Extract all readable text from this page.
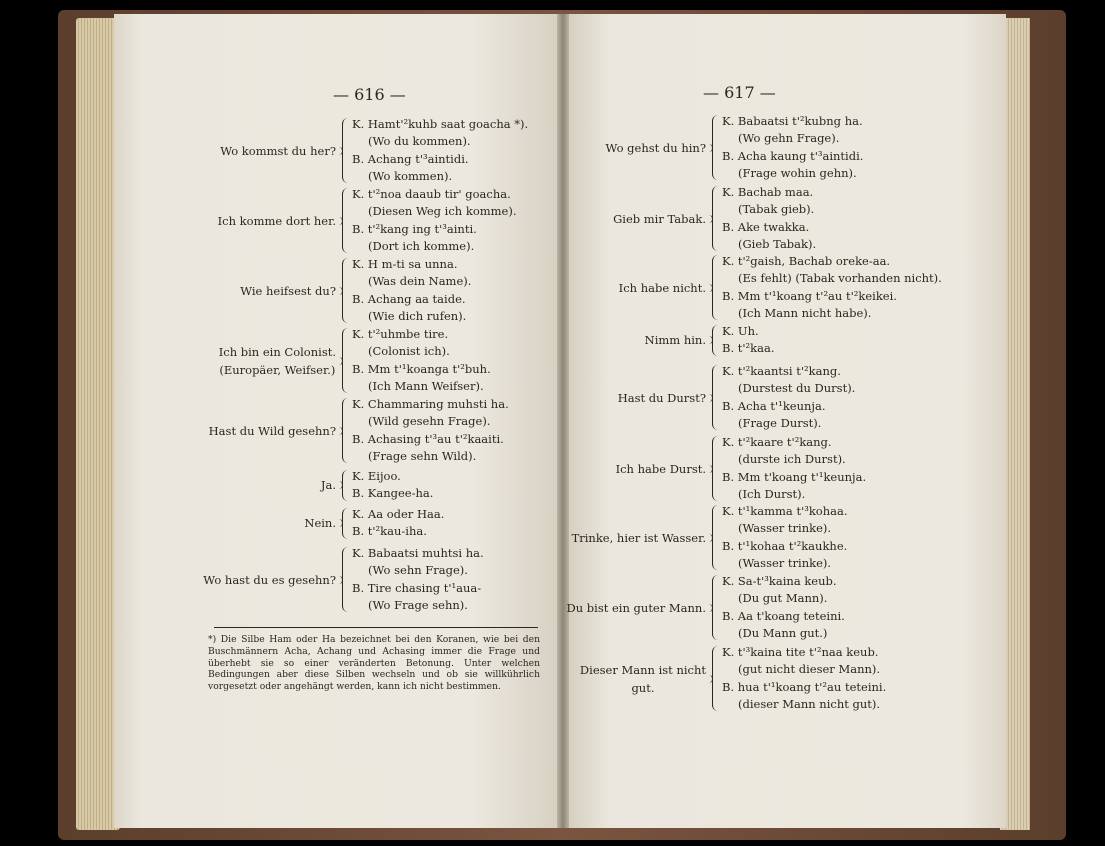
— 616 —	— 617 —
Wo kommst du her?
K. Hamt'²kuhb saat goacha *).
(Wo du kommen).
B. Achang t'³aintidi.
(Wo kommen).
Ich komme dort her.
K. t'²noa daaub tir' goacha.
(Diesen Weg ich komme).
B. t'²kang ing t'³ainti.
(Dort ich komme).
Wie heifsest du?
K. H m-ti sa unna.
(Was dein Name).
B. Achang aa taide.
(Wie dich rufen).
Ich bin ein Colonist.
(Europäer, Weifser.)
K. t'²uhmbe tire.
(Colonist ich).
B. Mm t'¹koanga t'²buh.
(Ich Mann Weifser).
Hast du Wild gesehn?
K. Chammaring muhsti ha.
(Wild gesehn Frage).
B. Achasing t'³au t'²kaaiti.
(Frage sehn Wild).
Ja.
K. Eijoo.
B. Kangee-ha.
Nein.
K. Aa oder Haa.
B. t'²kau-iha.
Wo hast du es gesehn?
K. Babaatsi muhtsi ha.
(Wo sehn Frage).
B. Tire chasing t'¹aua-
(Wo Frage sehn).
Wo gehst du hin?
K. Babaatsi t'²kubng ha.
(Wo gehn Frage).
B. Acha kaung t'³aintidi.
(Frage wohin gehn).
Gieb mir Tabak.
K. Bachab maa.
(Tabak gieb).
B. Ake twakka.
(Gieb Tabak).
Ich habe nicht.
K. t'²gaish, Bachab oreke-aa.
(Es fehlt) (Tabak vorhanden nicht).
B. Mm t'¹koang t'²au t'²keikei.
(Ich Mann nicht habe).
Nimm hin.
K. Uh.
B. t'²kaa.
Hast du Durst?
K. t'²kaantsi t'²kang.
(Durstest du Durst).
B. Acha t'¹keunja.
(Frage Durst).
Ich habe Durst.
K. t'²kaare t'²kang.
(durste ich Durst).
B. Mm t'koang t'¹keunja.
(Ich Durst).
Trinke, hier ist Wasser.
K. t'¹kamma t'³kohaa.
(Wasser trinke).
B. t'¹kohaa t'²kaukhe.
(Wasser trinke).
Du bist ein guter Mann.
K. Sa-t'³kaina keub.
(Du gut Mann).
B. Aa t'koang teteini.
(Du Mann gut.)
Dieser Mann ist nicht
gut.
K. t'³kaina tite t'²naa keub.
(gut nicht dieser Mann).
B. hua t'¹koang t'²au teteini.
(dieser Mann nicht gut).
*) Die Silbe Ham oder Ha bezeichnet bei den Koranen, wie bei den Buschmännern Acha, Achang und Achasing immer die Frage und überhebt sie so einer veränderten Betonung. Unter welchen Bedingungen aber diese Silben wechseln und ob sie willkührlich vorgesetzt oder angehängt werden, kann ich nicht bestimmen.
